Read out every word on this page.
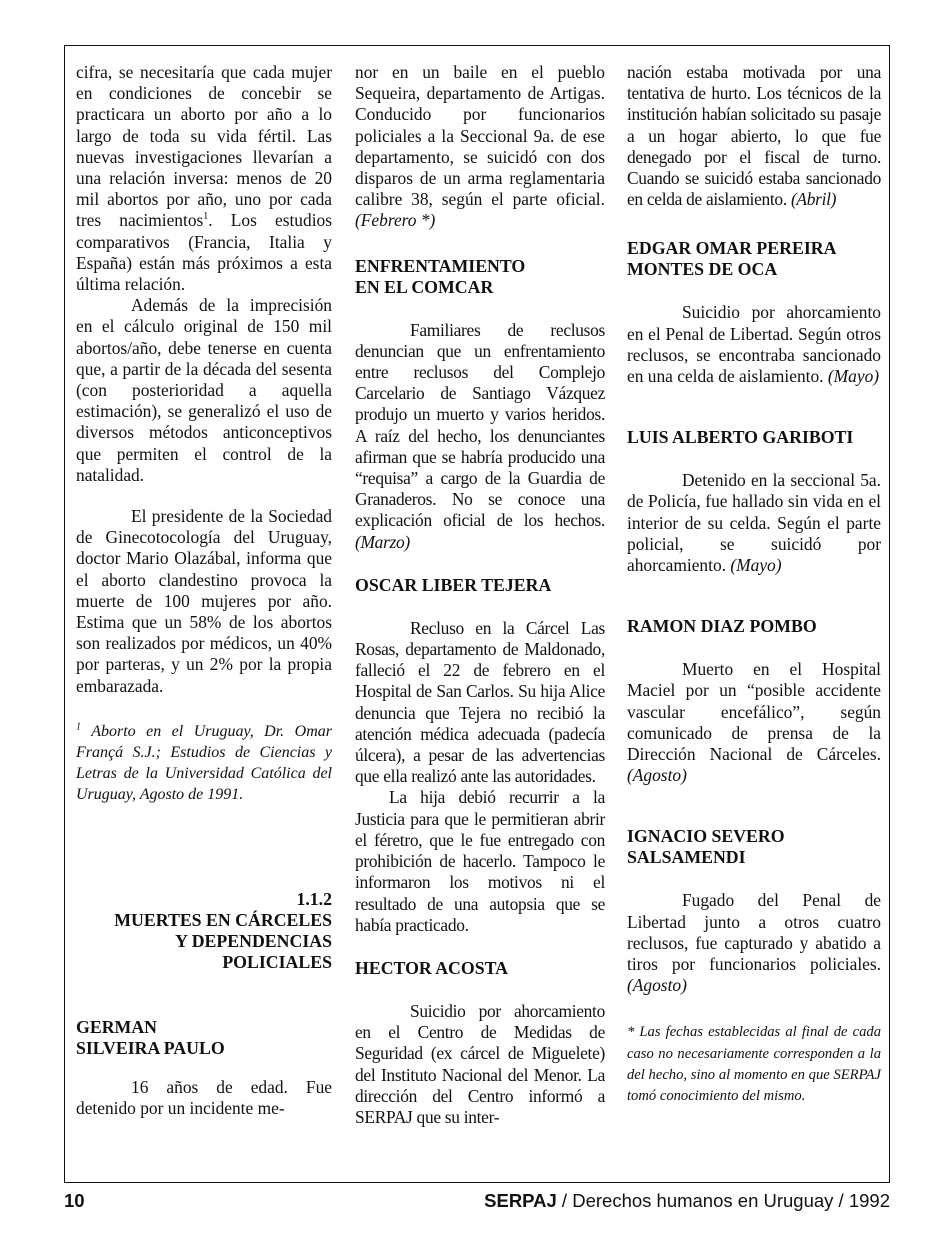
cifra, se necesitaría que cada mujer en condiciones de concebir se practicara un aborto por año a lo largo de toda su vida fértil. Las nuevas investigaciones llevarían a una relación inversa: menos de 20 mil abortos por año, uno por cada tres nacimientos$^1$. Los estudios comparativos (Francia, Italia y España) están más próximos a esta última relación.

Además de la imprecisión en el cálculo original de 150 mil abortos/año, debe tenerse en cuenta que, a partir de la década del sesenta (con posterioridad a aquella estimación), se generalizó el uso de diversos métodos anticonceptivos que permiten el control de la natalidad.

El presidente de la Sociedad de Ginecotocología del Uruguay, doctor Mario Olazábal, informa que el aborto clandestino provoca la muerte de 100 mujeres por año. Estima que un 58% de los abortos son realizados por médicos, un 40% por parteras, y un 2% por la propia embarazada.

$^1$ Aborto en el Uruguay, Dr. Omar Françá S.J.; Estudios de Ciencias y Letras de la Universidad Católica del Uruguay, Agosto de 1991.

1.1.2
MUERTES EN CÁRCELES
Y DEPENDENCIAS
POLICIALES
GERMAN
SILVEIRA PAULO

16 años de edad. Fue detenido por un incidente me-

nor en un baile en el pueblo Sequeira, departamento de Artigas. Conducido por funcionarios policiales a la Seccional 9a. de ese departamento, se suicidó con dos disparos de un arma reglamentaria calibre 38, según el parte oficial. (Febrero *)

ENFRENTAMIENTO
EN EL COMCAR

Familiares de reclusos denuncian que un enfrentamiento entre reclusos del Complejo Carcelario de Santiago Vázquez produjo un muerto y varios heridos. A raíz del hecho, los denunciantes afirman que se habría producido una “requisa” a cargo de la Guardia de Granaderos. No se conoce una explicación oficial de los hechos. (Marzo)

OSCAR LIBER TEJERA

Recluso en la Cárcel Las Rosas, departamento de Maldonado, falleció el 22 de febrero en el Hospital de San Carlos. Su hija Alice denuncia que Tejera no recibió la atención médica adecuada (padecía úlcera), a pesar de las advertencias que ella realizó ante las autoridades.

La hija debió recurrir a la Justicia para que le permitieran abrir el féretro, que le fue entregado con prohibición de hacerlo. Tampoco le informaron los motivos ni el resultado de una autopsia que se había practicado.

HECTOR ACOSTA

Suicidio por ahorcamiento en el Centro de Medidas de Seguridad (ex cárcel de Miguelete) del Instituto Nacional del Menor. La dirección del Centro informó a SERPAJ que su inter-

nación estaba motivada por una tentativa de hurto. Los técnicos de la institución habían solicitado su pasaje a un hogar abierto, lo que fue denegado por el fiscal de turno. Cuando se suicidó estaba sancionado en celda de aislamiento. (Abril)

EDGAR OMAR PEREIRA
MONTES DE OCA

Suicidio por ahorcamiento en el Penal de Libertad. Según otros reclusos, se encontraba sancionado en una celda de aislamiento. (Mayo)

LUIS ALBERTO GARIBOTI

Detenido en la seccional 5a. de Policía, fue hallado sin vida en el interior de su celda. Según el parte policial, se suicidó por ahorcamiento. (Mayo)

RAMON DIAZ POMBO

Muerto en el Hospital Maciel por un “posible accidente vascular encefálico”, según comunicado de prensa de la Dirección Nacional de Cárceles. (Agosto)

IGNACIO SEVERO
SALSAMENDI

Fugado del Penal de Libertad junto a otros cuatro reclusos, fue capturado y abatido a tiros por funcionarios policiales. (Agosto)

* Las fechas establecidas al final de cada caso no necesariamente corresponden a la del hecho, sino al momento en que SERPAJ tomó conocimiento del mismo.

10	SERPAJ / Derechos humanos en Uruguay / 1992
